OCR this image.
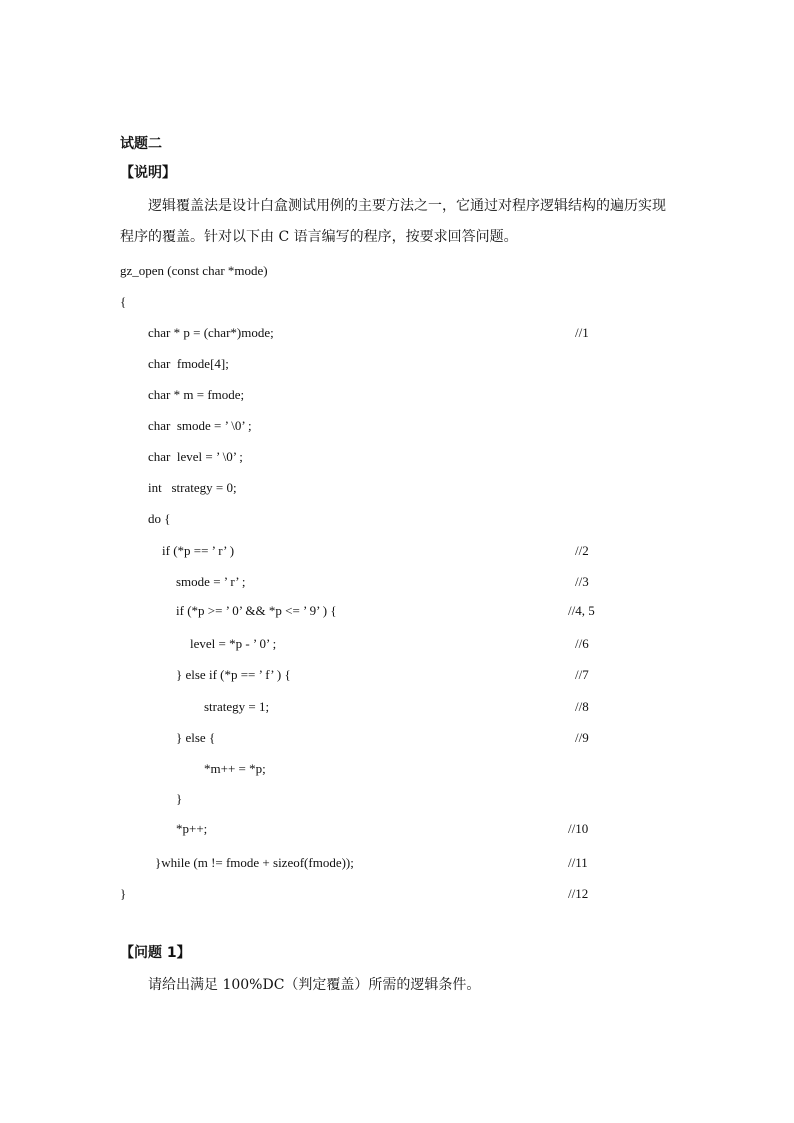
试题二
【说明】
逻辑覆盖法是设计白盒测试用例的主要方法之一，它通过对程序逻辑结构的遍历实现
程序的覆盖。针对以下由 C 语言编写的程序，按要求回答问题。
gz_open (const char *mode)
{
char * p = (char*)mode;	//1
char  fmode[4];
char * m = fmode;
char  smode = ’ \0’ ;
char  level = ’ \0’ ;
int   strategy = 0;
do {
if (*p == ’ r’ )	//2
smode = ’ r’ ;	//3
if (*p >= ’ 0’ && *p <= ’ 9’ ) {	//4, 5
level = *p - ’ 0’ ;	//6
} else if (*p == ’ f’ ) {	//7
strategy = 1;	//8
} else {	//9
*m++ = *p;
}
*p++;	//10
}while (m != fmode + sizeof(fmode));	//11
}	//12
【问题 1】
请给出满足 100%DC（判定覆盖）所需的逻辑条件。
